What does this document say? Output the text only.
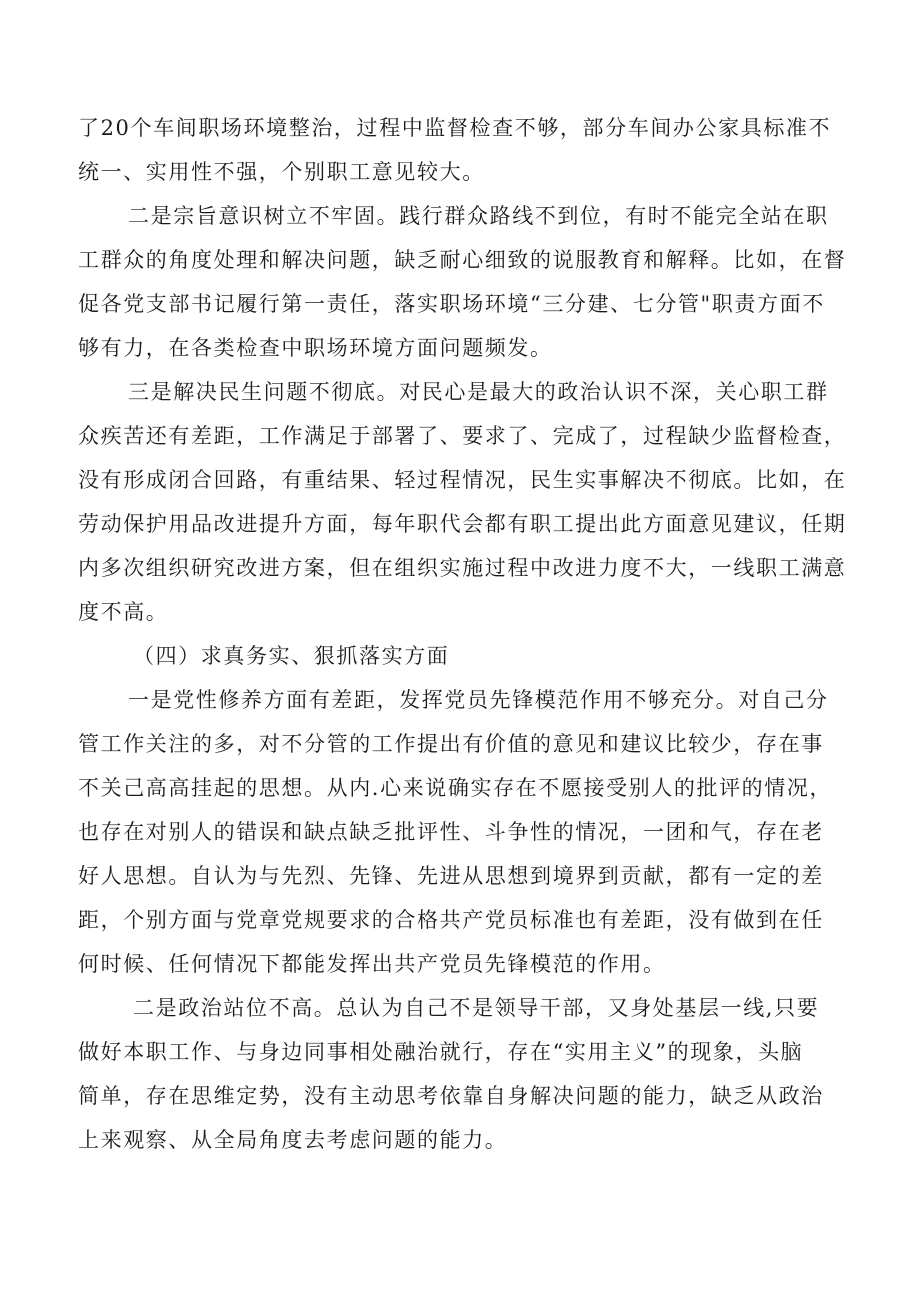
了20个车间职场环境整治，过程中监督检查不够，部分车间办公家具标准不
统一、实用性不强，个别职工意见较大。
二是宗旨意识树立不牢固。践行群众路线不到位，有时不能完全站在职
工群众的角度处理和解决问题，缺乏耐心细致的说服教育和解释。比如，在督
促各党支部书记履行第一责任，落实职场环境“三分建、七分管"职责方面不
够有力，在各类检查中职场环境方面问题频发。
三是解决民生问题不彻底。对民心是最大的政治认识不深，关心职工群
众疾苦还有差距，工作满足于部署了、要求了、完成了，过程缺少监督检查，
没有形成闭合回路，有重结果、轻过程情况，民生实事解决不彻底。比如，在
劳动保护用品改进提升方面，每年职代会都有职工提出此方面意见建议，任期
内多次组织研究改进方案，但在组织实施过程中改进力度不大，一线职工满意
度不高。
（四）求真务实、狠抓落实方面
一是党性修养方面有差距，发挥党员先锋模范作用不够充分。对自己分
管工作关注的多，对不分管的工作提出有价值的意见和建议比较少，存在事
不关己高高挂起的思想。从内.心来说确实存在不愿接受别人的批评的情况，
也存在对别人的错误和缺点缺乏批评性、斗争性的情况，一团和气，存在老
好人思想。自认为与先烈、先锋、先进从思想到境界到贡献，都有一定的差
距，个别方面与党章党规要求的合格共产党员标准也有差距，没有做到在任
何时候、任何情况下都能发挥出共产党员先锋模范的作用。
二是政治站位不高。总认为自己不是领导干部，又身处基层一线,只要
做好本职工作、与身边同事相处融治就行，存在“实用主义”的现象，头脑
简单，存在思维定势，没有主动思考依靠自身解决问题的能力，缺乏从政治
上来观察、从全局角度去考虑问题的能力。
